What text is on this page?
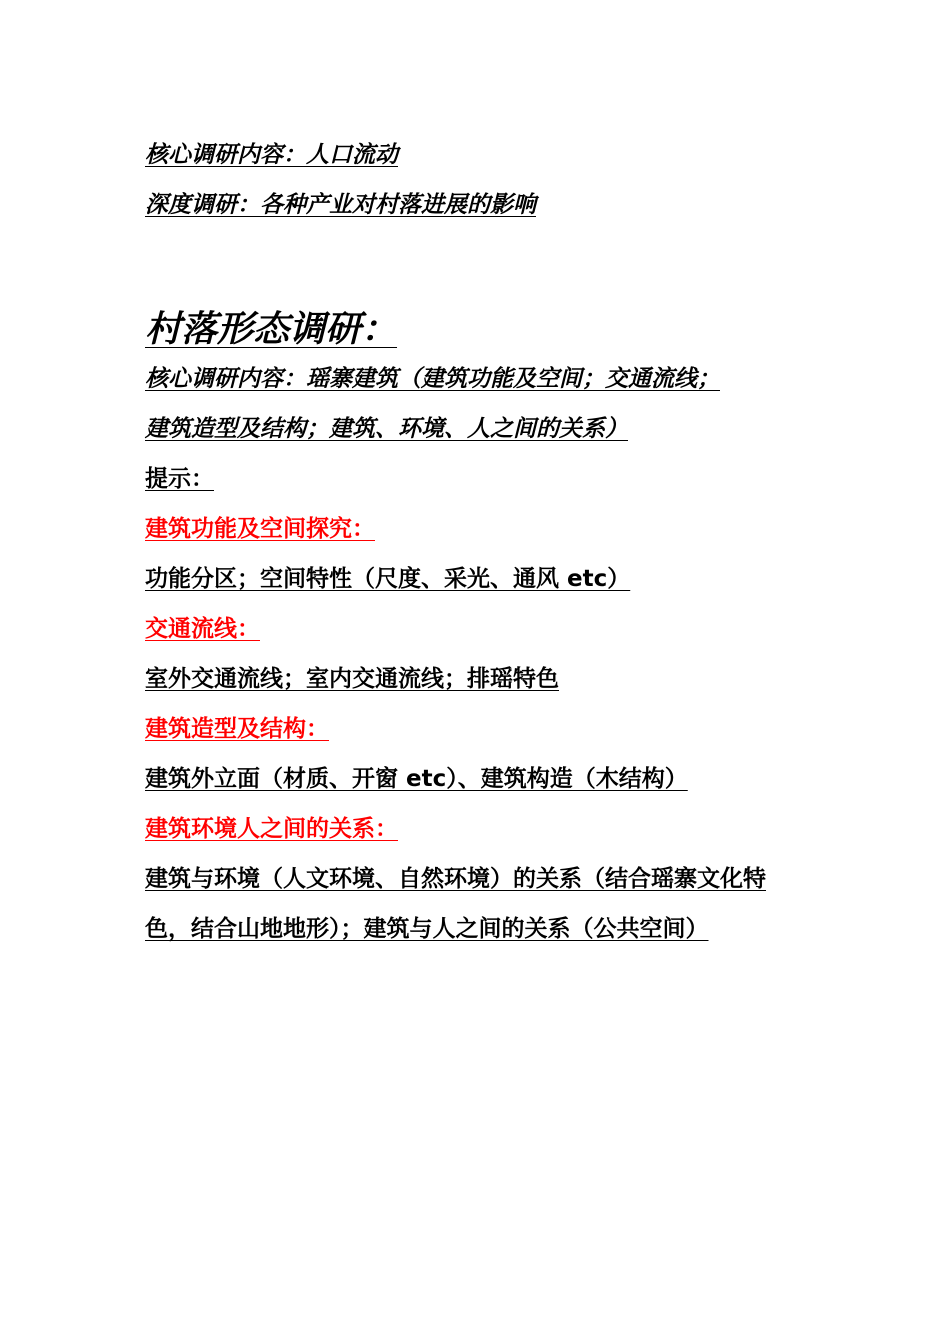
核心调研内容：人口流动
深度调研：各种产业对村落进展的影响
村落形态调研：
核心调研内容：瑶寨建筑（建筑功能及空间；交通流线；
建筑造型及结构；建筑、环境、人之间的关系）
提示：
建筑功能及空间探究：
功能分区；空间特性（尺度、采光、通风 etc）
交通流线：
室外交通流线；室内交通流线；排瑶特色
建筑造型及结构：
建筑外立面（材质、开窗 etc）、建筑构造（木结构）
建筑环境人之间的关系：
建筑与环境（人文环境、自然环境）的关系（结合瑶寨文化特色，结合山地地形）；建筑与人之间的关系（公共空间）
